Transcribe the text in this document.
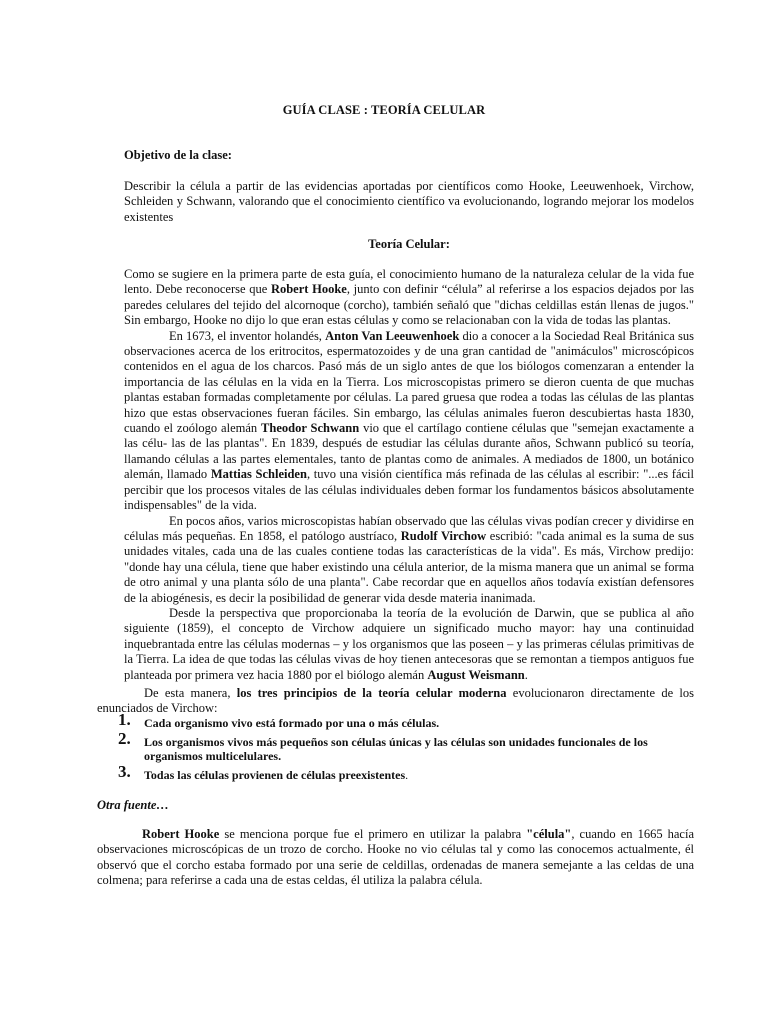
GUÍA CLASE : TEORÍA CELULAR
Objetivo de la clase:

Describir la célula a partir de las evidencias aportadas por científicos como Hooke, Leeuwenhoek, Virchow, Schleiden y Schwann, valorando que el conocimiento científico va evolucionando, logrando mejorar los modelos existentes

Teoría Celular:

Como se sugiere en la primera parte de esta guía, el conocimiento humano de la naturaleza celular de la vida fue lento. Debe reconocerse que Robert Hooke, junto con definir “célula” al referirse a los espacios dejados por las paredes celulares del tejido del alcornoque (corcho), también señaló que "dichas celdillas están llenas de jugos." Sin embargo, Hooke no dijo lo que eran estas células y como se relacionaban con la vida de todas las plantas.

En 1673, el inventor holandés, Anton Van Leeuwenhoek dio a conocer a la Sociedad Real Británica sus observaciones acerca de los eritrocitos, espermatozoides y de una gran cantidad de "animáculos" microscópicos contenidos en el agua de los charcos. Pasó más de un siglo antes de que los biólogos comenzaran a entender la importancia de las células en la vida en la Tierra. Los microscopistas primero se dieron cuenta de que muchas plantas estaban formadas completamente por células. La pared gruesa que rodea a todas las células de las plantas hizo que estas observaciones fueran fáciles. Sin embargo, las células animales fueron descubiertas hasta 1830, cuando el zoólogo alemán Theodor Schwann vio que el cartílago contiene células que "semejan exactamente a las célu- las de las plantas". En 1839, después de estudiar las células durante años, Schwann publicó su teoría, llamando células a las partes elementales, tanto de plantas como de animales. A mediados de 1800, un botánico alemán, llamado Mattias Schleiden, tuvo una visión científica más refinada de las células al escribir: "...es fácil percibir que los procesos vitales de las células individuales deben formar los fundamentos básicos absolutamente indispensables" de la vida.

En pocos años, varios microscopistas habían observado que las células vivas podían crecer y dividirse en células más pequeñas. En 1858, el patólogo austríaco, Rudolf Virchow escribió: "cada animal es la suma de sus unidades vitales, cada una de las cuales contiene todas las características de la vida". Es más, Virchow predijo: "donde hay una célula, tiene que haber existindo una célula anterior, de la misma manera que un animal se forma de otro animal y una planta sólo de una planta". Cabe recordar que en aquellos años todavía existían defensores de la abiogénesis, es decir la posibilidad de generar vida desde materia inanimada.

Desde la perspectiva que proporcionaba la teoría de la evolución de Darwin, que se publica al año siguiente (1859), el concepto de Virchow adquiere un significado mucho mayor: hay una continuidad inquebrantada entre las células modernas – y los organismos que las poseen – y las primeras células primitivas de la Tierra. La idea de que todas las células vivas de hoy tienen antecesoras que se remontan a tiempos antiguos fue planteada por primera vez hacia 1880 por el biólogo alemán August Weismann.

De esta manera, los tres principios de la teoría celular moderna evolucionaron directamente de los enunciados de Virchow:

1. Cada organismo vivo está formado por una o más células.
2. Los organismos vivos más pequeños son células únicas y las células son unidades funcionales de los organismos multicelulares.
3. Todas las células provienen de células preexistentes.
Otra fuente…

Robert Hooke se menciona porque fue el primero en utilizar la palabra "célula", cuando en 1665 hacía observaciones microscópicas de un trozo de corcho. Hooke no vio células tal y como las conocemos actualmente, él observó que el corcho estaba formado por una serie de celdillas, ordenadas de manera semejante a las celdas de una colmena; para referirse a cada una de estas celdas, él utiliza la palabra célula.
